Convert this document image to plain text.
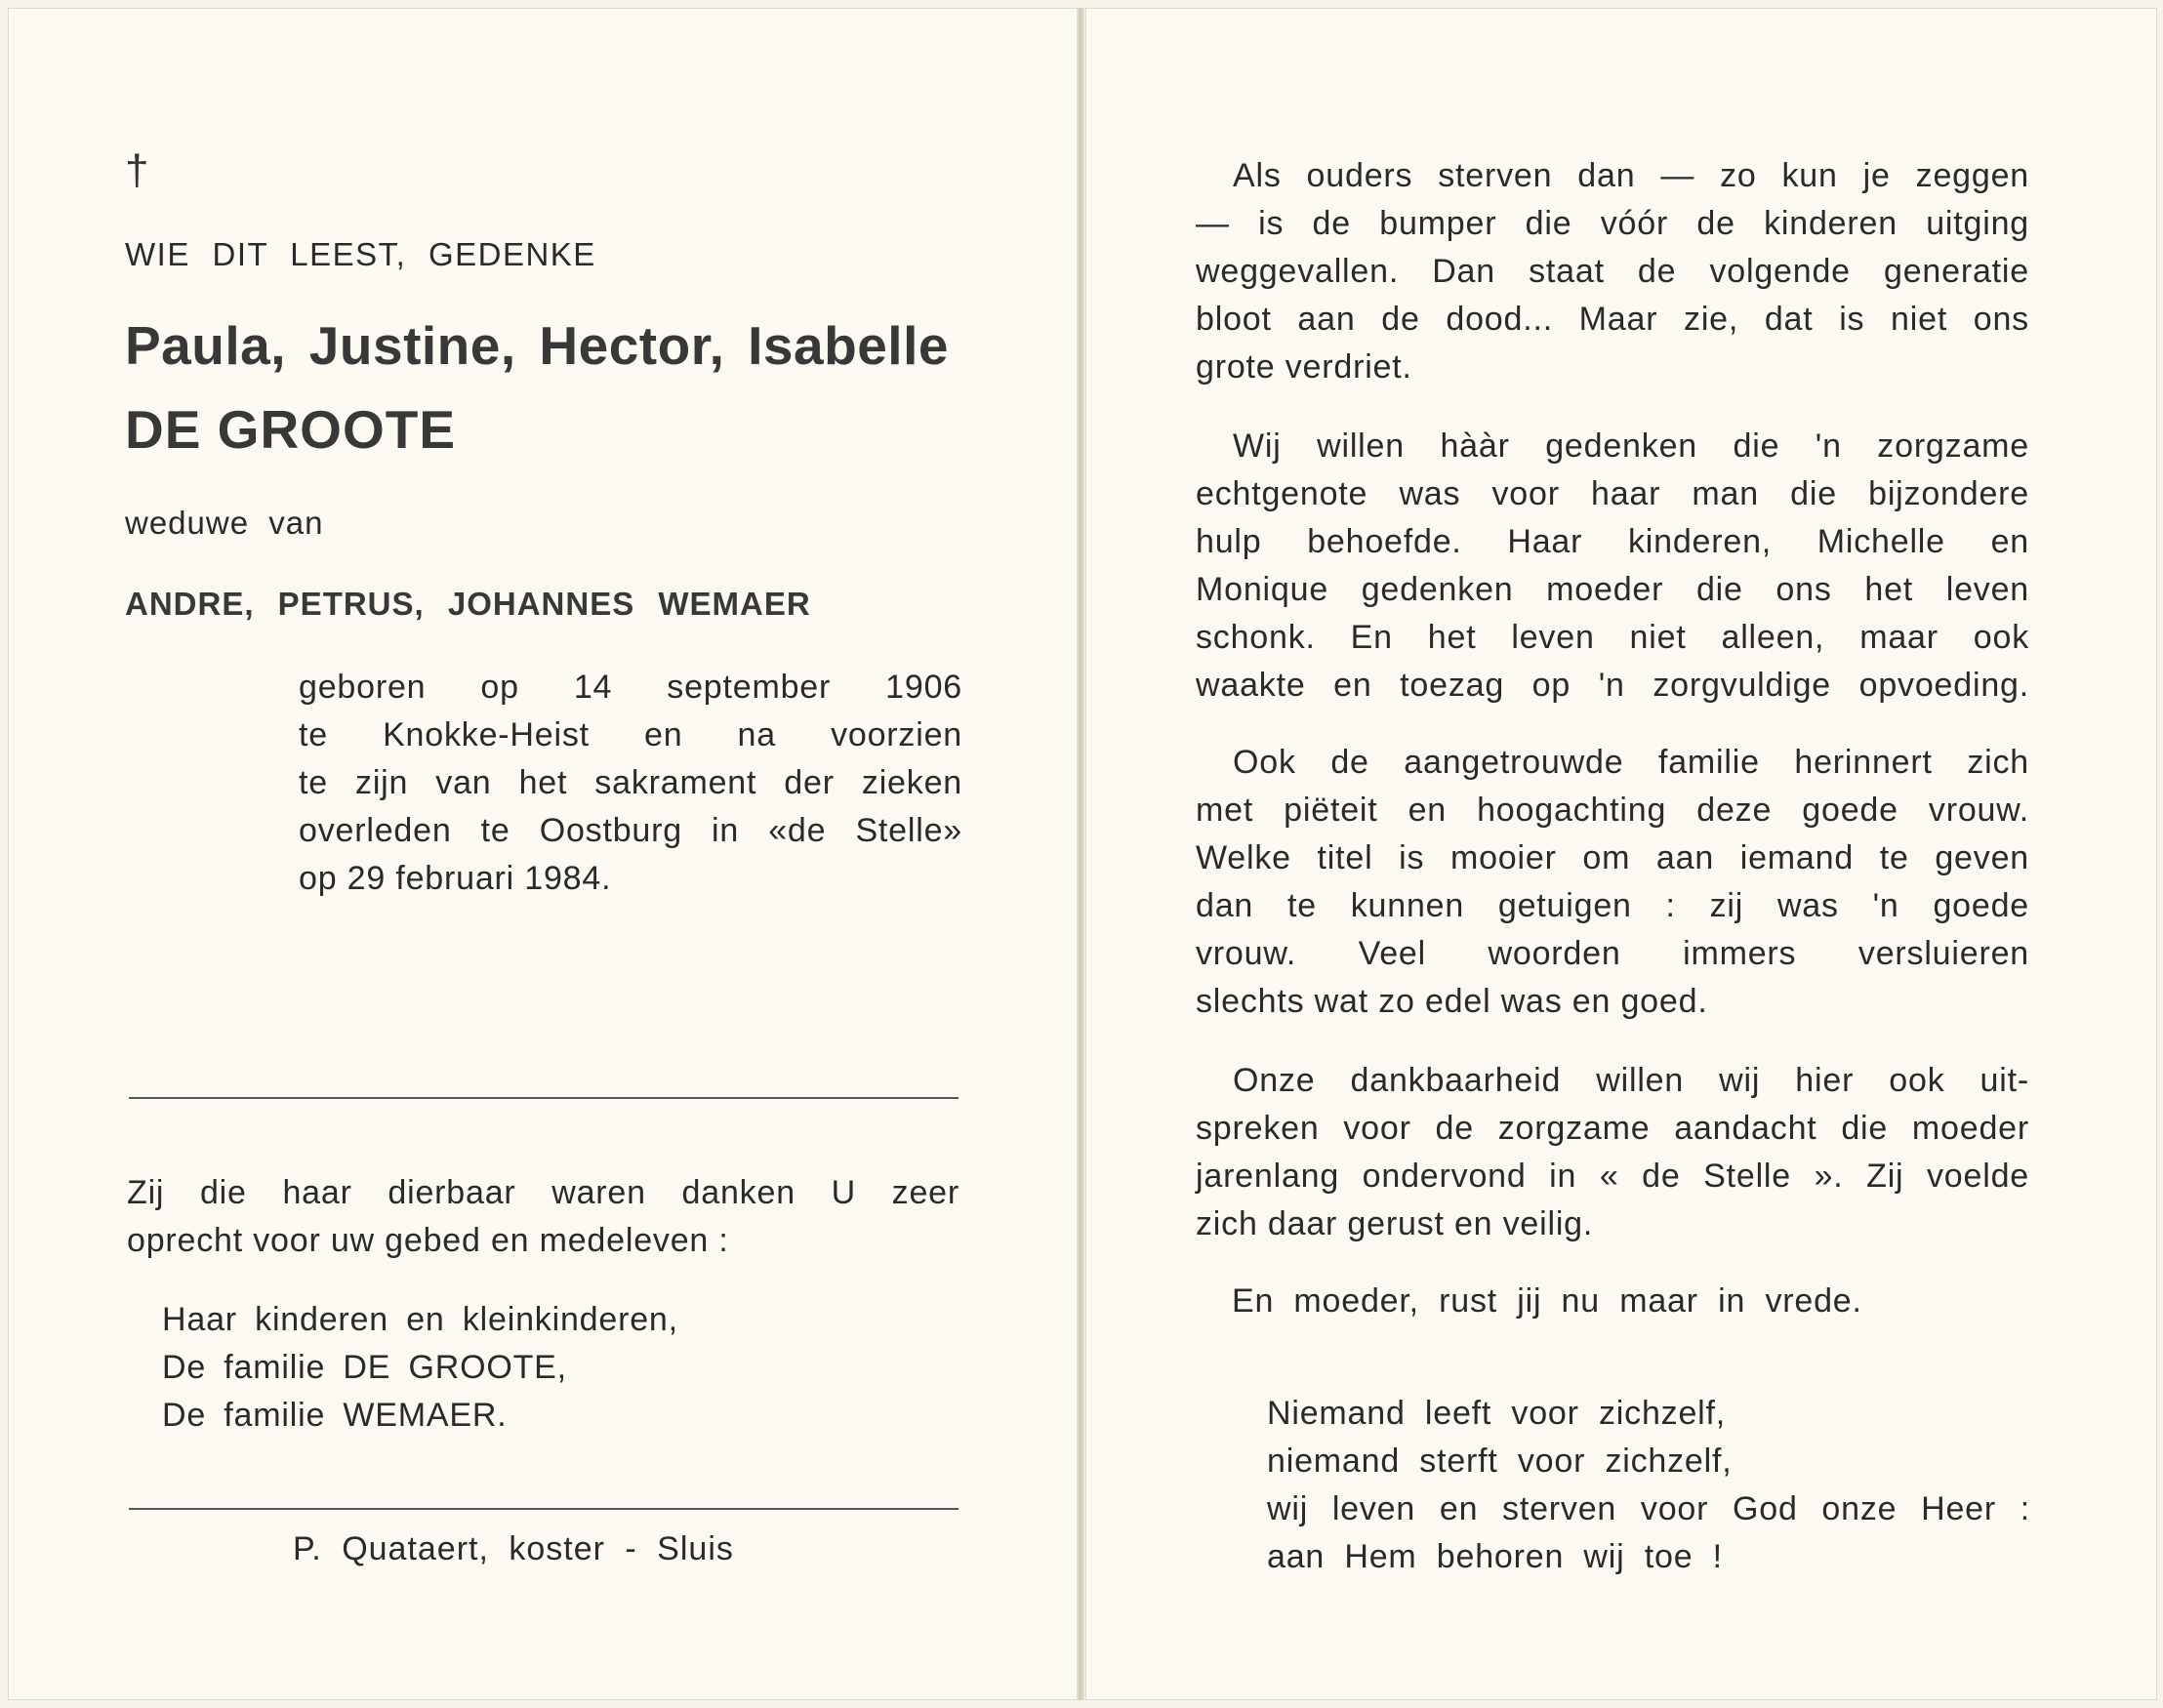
†
WIE DIT LEEST, GEDENKE
Paula, Justine, Hector, Isabelle
DE GROOTE
weduwe van
ANDRE, PETRUS, JOHANNES WEMAER
geboren op 14 september 1906
te Knokke-Heist en na voorzien
te zijn van het sakrament der zieken
overleden te Oostburg in «de Stelle»
op 29 februari 1984.
Zij die haar dierbaar waren danken U zeer
oprecht voor uw gebed en medeleven :
Haar kinderen en kleinkinderen,
De familie DE GROOTE,
De familie WEMAER.
P. Quataert, koster - Sluis
Als ouders sterven dan — zo kun je zeggen
— is de bumper die vóór de kinderen uitging
weggevallen. Dan staat de volgende generatie
bloot aan de dood... Maar zie, dat is niet ons
grote verdriet.
Wij willen hààr gedenken die 'n zorgzame
echtgenote was voor haar man die bijzondere
hulp behoefde. Haar kinderen, Michelle en
Monique gedenken moeder die ons het leven
schonk. En het leven niet alleen, maar ook
waakte en toezag op 'n zorgvuldige opvoeding.
Ook de aangetrouwde familie herinnert zich
met piëteit en hoogachting deze goede vrouw.
Welke titel is mooier om aan iemand te geven
dan te kunnen getuigen : zij was 'n goede
vrouw. Veel woorden immers versluieren
slechts wat zo edel was en goed.
Onze dankbaarheid willen wij hier ook uit-
spreken voor de zorgzame aandacht die moeder
jarenlang ondervond in « de Stelle ». Zij voelde
zich daar gerust en veilig.
En moeder, rust jij nu maar in vrede.
Niemand leeft voor zichzelf,
niemand sterft voor zichzelf,
wij leven en sterven voor God onze Heer :
aan Hem behoren wij toe !
